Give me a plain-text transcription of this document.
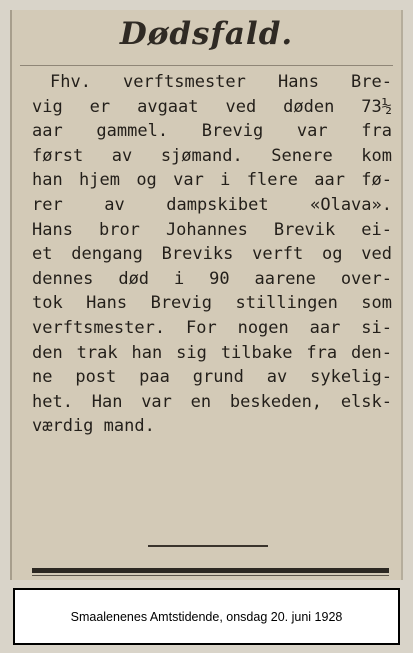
Dødsfald.
Fhv. verftsmester Hans Bre-
vig er avgaat ved døden 73½
aar gammel. Brevig var fra
først av sjømand. Senere kom
han hjem og var i flere aar fø-
rer av dampskibet «Olava».
Hans bror Johannes Brevik ei-
et dengang Breviks verft og ved
dennes død i 90 aarene over-
tok Hans Brevig stillingen som
verftsmester. For nogen aar si-
den trak han sig tilbake fra den-
ne post paa grund av sykelig-
het. Han var en beskeden, elsk-
værdig mand.
Smaalenenes Amtstidende, onsdag 20. juni 1928
